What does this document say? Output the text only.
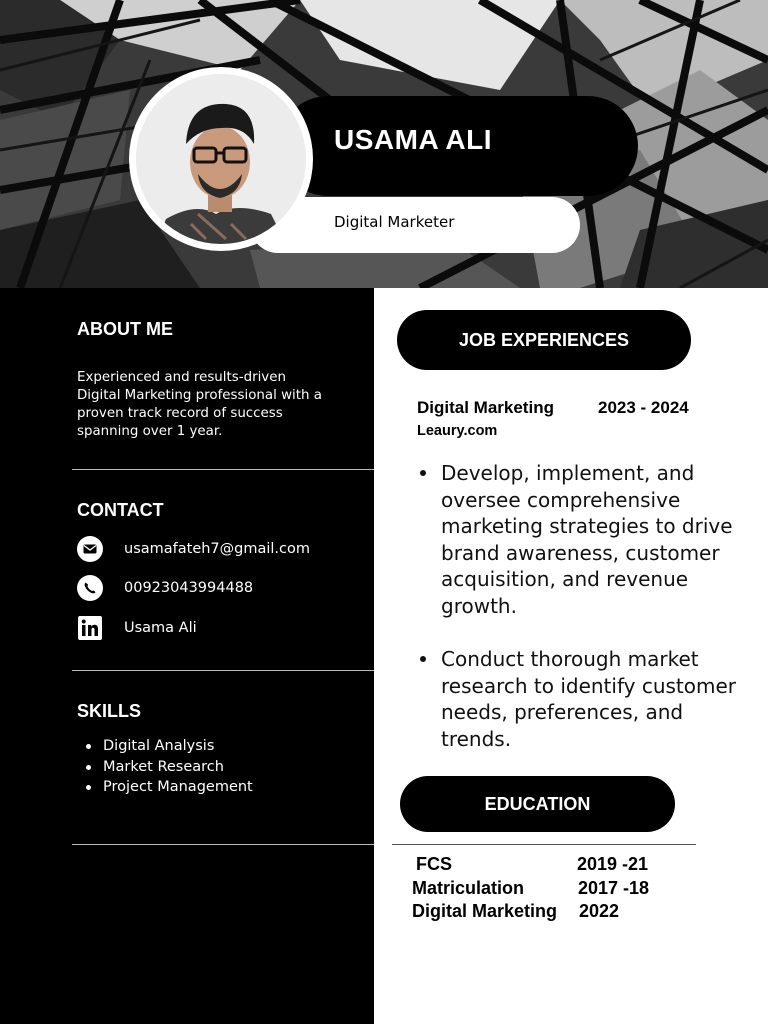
USAMA ALI
Digital Marketer
ABOUT ME
Experienced and results-driven Digital Marketing professional with a proven track record of success spanning over 1 year.
CONTACT
usamafateh7@gmail.com
00923043994488
Usama Ali
SKILLS
Digital Analysis
Market Research
Project Management
JOB EXPERIENCES
Digital Marketing	2023 - 2024
Leaury.com
Develop, implement, and oversee comprehensive marketing strategies to drive brand awareness, customer acquisition, and revenue growth.
Conduct thorough market research to identify customer needs, preferences, and trends.
EDUCATION
FCS	2019 -21
Matriculation	2017 -18
Digital Marketing 2022
